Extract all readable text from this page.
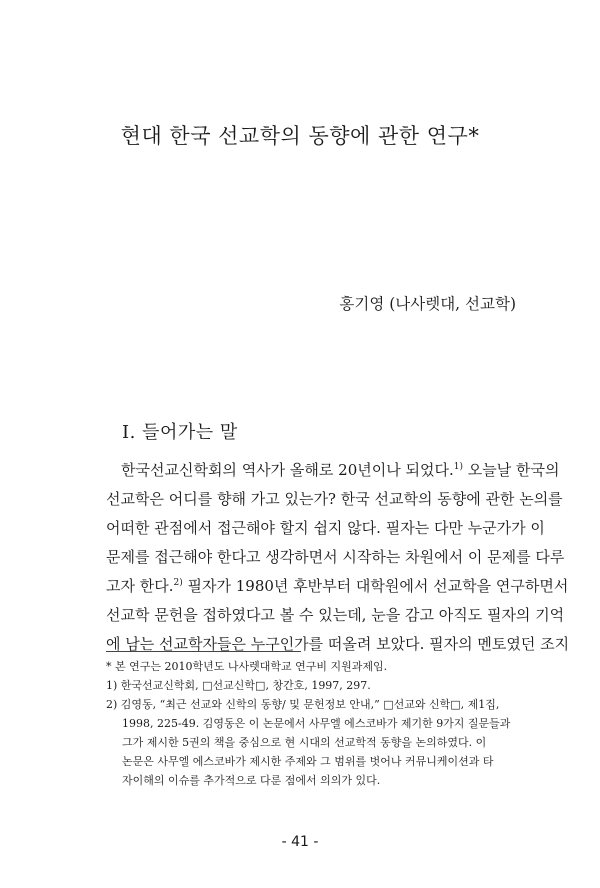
현대 한국 선교학의 동향에 관한 연구*
홍기영 (나사렛대, 선교학)
I. 들어가는 말
한국선교신학회의 역사가 올해로 20년이나 되었다.$^{1)}$ 오늘날 한국의
선교학은 어디를 향해 가고 있는가? 한국 선교학의 동향에 관한 논의를
어떠한 관점에서 접근해야 할지 쉽지 않다. 필자는 다만 누군가가 이
문제를 접근해야 한다고 생각하면서 시작하는 차원에서 이 문제를 다루
고자 한다.$^{2)}$ 필자가 1980년 후반부터 대학원에서 선교학을 연구하면서
선교학 문헌을 접하였다고 볼 수 있는데, 눈을 감고 아직도 필자의 기억
에 남는 선교학자들은 누구인가를 떠올려 보았다. 필자의 멘토였던 조지
* 본 연구는 2010학년도 나사렛대학교 연구비 지원과제임.
1) 한국선교신학회, □선교신학□, 창간호, 1997, 297.
2) 김영동, “최근 선교와 신학의 동향/ 및 문헌정보 안내,” □선교와 신학□, 제1집,
1998, 225-49. 김영동은 이 논문에서 사무엘 에스코바가 제기한 9가지 질문들과
그가 제시한 5권의 책을 중심으로 현 시대의 선교학적 동향을 논의하였다. 이
논문은 사무엘 에스코바가 제시한 주제와 그 범위를 벗어나 커뮤니케이션과 타
자이해의 이슈를 추가적으로 다룬 점에서 의의가 있다.
- 41 -
